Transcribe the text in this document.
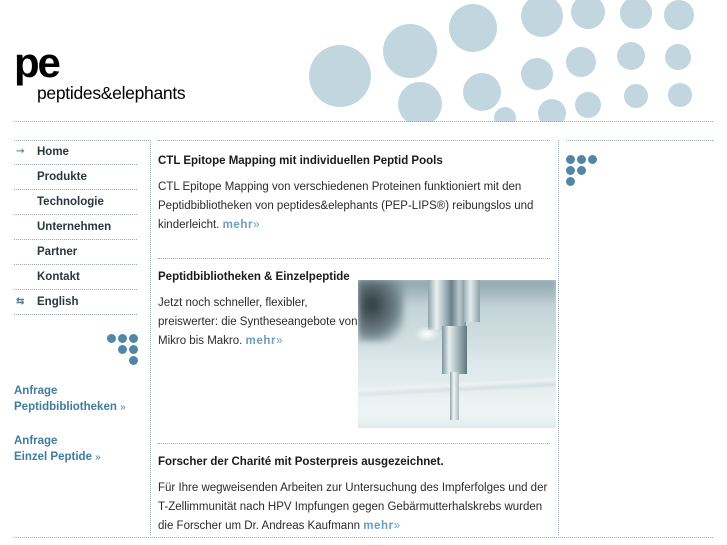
pe
peptides&elephants
⇾	Home
Produkte
Technologie
Unternehmen
Partner
Kontakt
⇆	English
Anfrage
Peptidbibliotheken »
Anfrage
Einzel Peptide »
CTL Epitope Mapping mit individuellen Peptid Pools

CTL Epitope Mapping von verschiedenen Proteinen funktioniert mit den Peptidbibliotheken von peptides&elephants (PEP-LIPS®) reibungslos und kinderleicht. mehr»

Peptidbibliotheken & Einzelpeptide

Jetzt noch schneller, flexibler, preiswerter: die Syntheseangebote von Mikro bis Makro. mehr»

Forscher der Charité mit Posterpreis ausgezeichnet.

Für Ihre wegweisenden Arbeiten zur Untersuchung des Impferfolges und der T-Zellimmunität nach HPV Impfungen gegen Gebärmutterhalskrebs wurden die Forscher um Dr. Andreas Kaufmann mehr»
